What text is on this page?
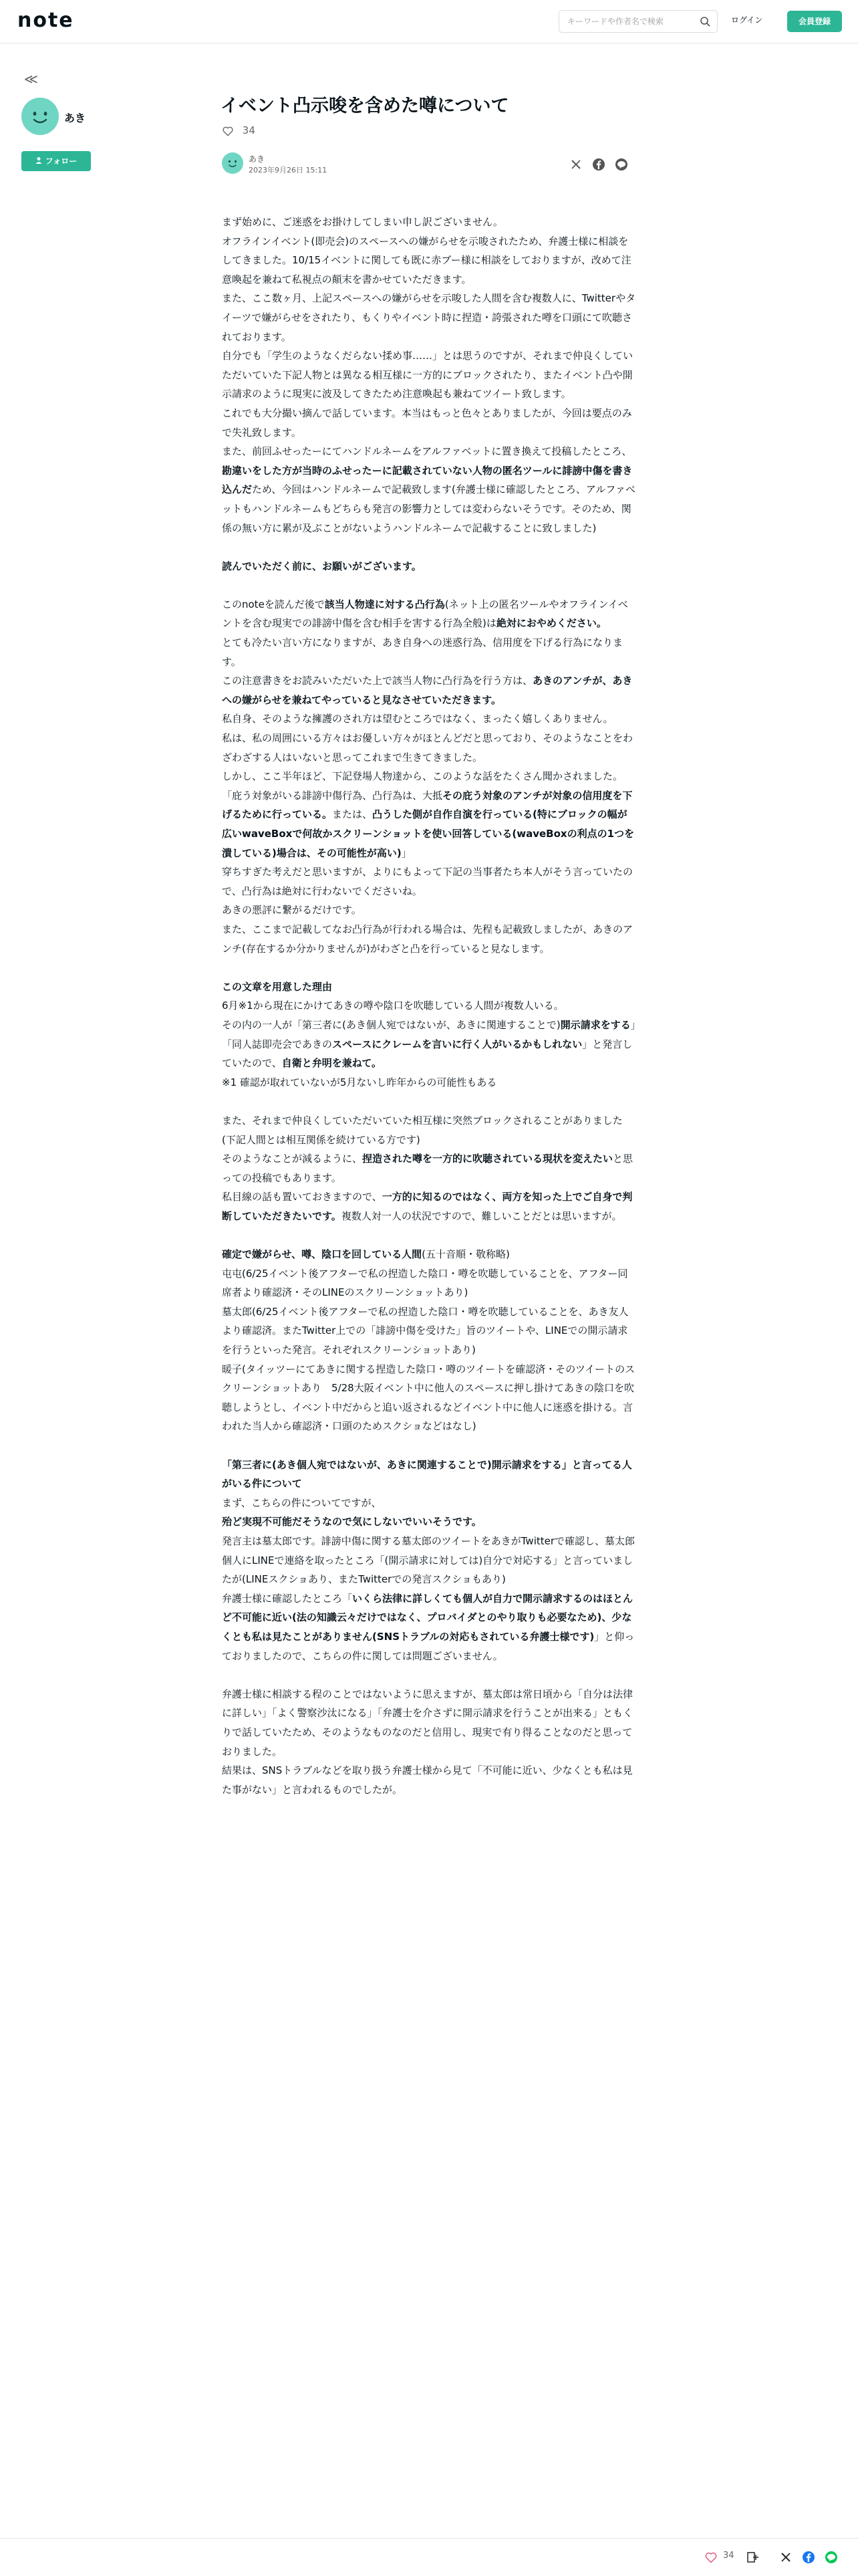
note
キーワードや作者名で検索	ログイン	会員登録
≪
あき
フォロー
イベント凸示唆を含めた噂について
34
あき
2023年9月26日 15:11

まず始めに、ご迷惑をお掛けしてしまい申し訳ございません。

オフラインイベント(即売会)のスペースへの嫌がらせを示唆されたため、弁護士様に相談をしてきました。10/15イベントに関しても既に赤ブー様に相談をしておりますが、改めて注意喚起を兼ねて私視点の顛末を書かせていただきます。

また、ここ数ヶ月、上記スペースへの嫌がらせを示唆した人間を含む複数人に、Twitterやタイーツで嫌がらせをされたり、もくりやイベント時に捏造・誇張された噂を口頭にて吹聴されております。

自分でも「学生のようなくだらない揉め事……」とは思うのですが、それまで仲良くしていただいていた下記人物とは異なる相互様に一方的にブロックされたり、またイベント凸や開示請求のように現実に波及してきたため注意喚起も兼ねてツイート致します。

これでも大分撮い摘んで話しています。本当はもっと色々とありましたが、今回は要点のみで失礼致します。

また、前回ふせったーにてハンドルネームをアルファベットに置き換えて投稿したところ、勘違いをした方が当時のふせったーに記載されていない人物の匿名ツールに誹謗中傷を書き込んだため、今回はハンドルネームで記載致します(弁護士様に確認したところ、アルファベットもハンドルネームもどちらも発言の影響力としては変わらないそうです。そのため、関係の無い方に累が及ぶことがないようハンドルネームで記載することに致しました)

読んでいただく前に、お願いがございます。

このnoteを読んだ後で該当人物達に対する凸行為(ネット上の匿名ツールやオフラインイベントを含む現実での誹謗中傷を含む相手を害する行為全般)は絶対におやめください。

とても冷たい言い方になりますが、あき自身への迷惑行為、信用度を下げる行為になります。

この注意書きをお読みいただいた上で該当人物に凸行為を行う方は、あきのアンチが、あきへの嫌がらせを兼ねてやっていると見なさせていただきます。

私自身、そのような擁護のされ方は望むところではなく、まったく嬉しくありません。

私は、私の周囲にいる方々はお優しい方々がほとんどだと思っており、そのようなことをわざわざする人はいないと思ってこれまで生きてきました。

しかし、ここ半年ほど、下記登場人物達から、このような話をたくさん聞かされました。

「庇う対象がいる誹謗中傷行為、凸行為は、大抵その庇う対象のアンチが対象の信用度を下げるために行っている。または、凸うした側が自作自演を行っている(特にブロックの幅が広いwaveBoxで何故かスクリーンショットを使い回答している(waveBoxの利点の1つを潰している)場合は、その可能性が高い)」

穿ちすぎた考えだと思いますが、よりにもよって下記の当事者たち本人がそう言っていたので、凸行為は絶対に行わないでくださいね。

あきの悪評に繋がるだけです。

また、ここまで記載してなお凸行為が行われる場合は、先程も記載致しましたが、あきのアンチ(存在するか分かりませんが)がわざと凸を行っていると見なします。

この文章を用意した理由

6月※1から現在にかけてあきの噂や陰口を吹聴している人間が複数人いる。

その内の一人が「第三者に(あき個人宛ではないが、あきに関連することで)開示請求をする」「同人誌即売会であきのスペースにクレームを言いに行く人がいるかもしれない」と発言していたので、自衛と弁明を兼ねて。

※1 確認が取れていないが5月ないし昨年からの可能性もある

また、それまで仲良くしていただいていた相互様に突然ブロックされることがありました(下記人間とは相互関係を続けている方です)

そのようなことが減るように、捏造された噂を一方的に吹聴されている現状を変えたいと思っての投稿でもあります。

私目線の話も置いておきますので、一方的に知るのではなく、両方を知った上でご自身で判断していただきたいです。複数人対一人の状況ですので、難しいことだとは思いますが。

確定で嫌がらせ、噂、陰口を回している人間(五十音順・敬称略)

屯屯(6/25イベント後アフターで私の捏造した陰口・噂を吹聴していることを、アフター同席者より確認済・そのLINEのスクリーンショットあり)

墓太郎(6/25イベント後アフターで私の捏造した陰口・噂を吹聴していることを、あき友人より確認済。またTwitter上での「誹謗中傷を受けた」旨のツイートや、LINEでの開示請求を行うといった発言。それぞれスクリーンショットあり)

暖子(タイッツーにてあきに関する捏造した陰口・噂のツイートを確認済・そのツイートのスクリーンショットあり　5/28大阪イベント中に他人のスペースに押し掛けてあきの陰口を吹聴しようとし、イベント中だからと追い返されるなどイベント中に他人に迷惑を掛ける。言われた当人から確認済・口頭のためスクショなどはなし)

「第三者に(あき個人宛ではないが、あきに関連することで)開示請求をする」と言ってる人がいる件について

まず、こちらの件についてですが、

殆ど実現不可能だそうなので気にしないでいいそうです。

発言主は墓太郎です。誹謗中傷に関する墓太郎のツイートをあきがTwitterで確認し、墓太郎個人にLINEで連絡を取ったところ「(開示請求に対しては)自分で対応する」と言っていましたが(LINEスクショあり、またTwitterでの発言スクショもあり)

弁護士様に確認したところ「いくら法律に詳しくても個人が自力で開示請求するのはほとんど不可能に近い(法の知識云々だけではなく、プロバイダとのやり取りも必要なため)、少なくとも私は見たことがありません(SNSトラブルの対応もされている弁護士様です)」と仰っておりましたので、こちらの件に関しては問題ございません。

弁護士様に相談する程のことではないように思えますが、墓太郎は常日頃から「自分は法律に詳しい」「よく警察沙汰になる」「弁護士を介さずに開示請求を行うことが出来る」ともくりで話していたため、そのようなものなのだと信用し、現実で有り得ることなのだと思っておりました。

結果は、SNSトラブルなどを取り扱う弁護士様から見て「不可能に近い、少なくとも私は見た事がない」と言われるものでしたが。

34
